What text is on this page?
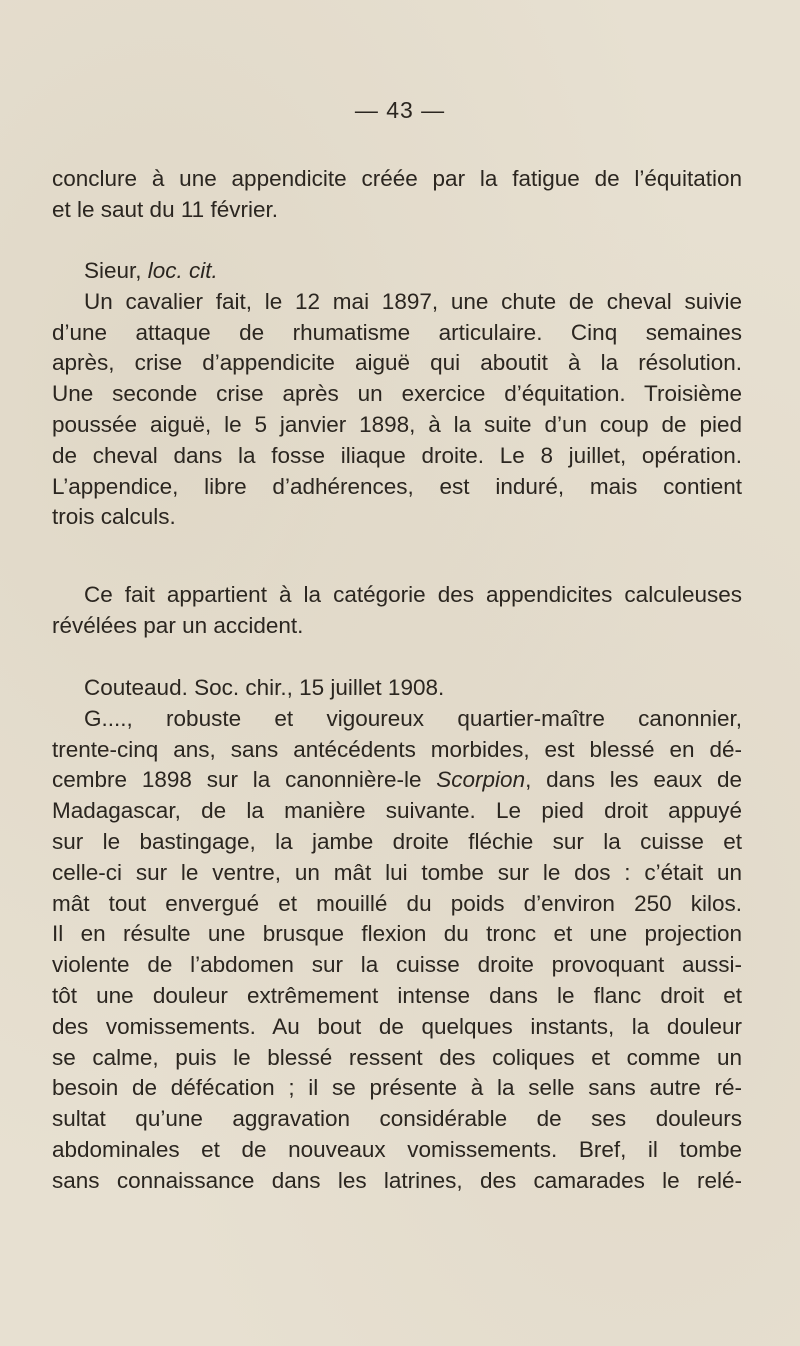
— 43 —
conclure à une appendicite créée par la fatigue de l’équitation
et le saut du 11 février.
Sieur, loc. cit.
Un cavalier fait, le 12 mai 1897, une chute de cheval suivie
d’une attaque de rhumatisme articulaire. Cinq semaines
après, crise d’appendicite aiguë qui aboutit à la résolution.
Une seconde crise après un exercice d’équitation. Troisième
poussée aiguë, le 5 janvier 1898, à la suite d’un coup de pied
de cheval dans la fosse iliaque droite. Le 8 juillet, opération.
L’appendice, libre d’adhérences, est induré, mais contient
trois calculs.
Ce fait appartient à la catégorie des appendicites calculeuses
révélées par un accident.
Couteaud. Soc. chir., 15 juillet 1908.
G...., robuste et vigoureux quartier-maître canonnier,
trente-cinq ans, sans antécédents morbides, est blessé en dé-
cembre 1898 sur la canonnière-le Scorpion, dans les eaux de
Madagascar, de la manière suivante. Le pied droit appuyé
sur le bastingage, la jambe droite fléchie sur la cuisse et
celle-ci sur le ventre, un mât lui tombe sur le dos : c’était un
mât tout envergué et mouillé du poids d’environ 250 kilos.
Il en résulte une brusque flexion du tronc et une projection
violente de l’abdomen sur la cuisse droite provoquant aussi-
tôt une douleur extrêmement intense dans le flanc droit et
des vomissements. Au bout de quelques instants, la douleur
se calme, puis le blessé ressent des coliques et comme un
besoin de défécation ; il se présente à la selle sans autre ré-
sultat qu’une aggravation considérable de ses douleurs
abdominales et de nouveaux vomissements. Bref, il tombe
sans connaissance dans les latrines, des camarades le relé-
